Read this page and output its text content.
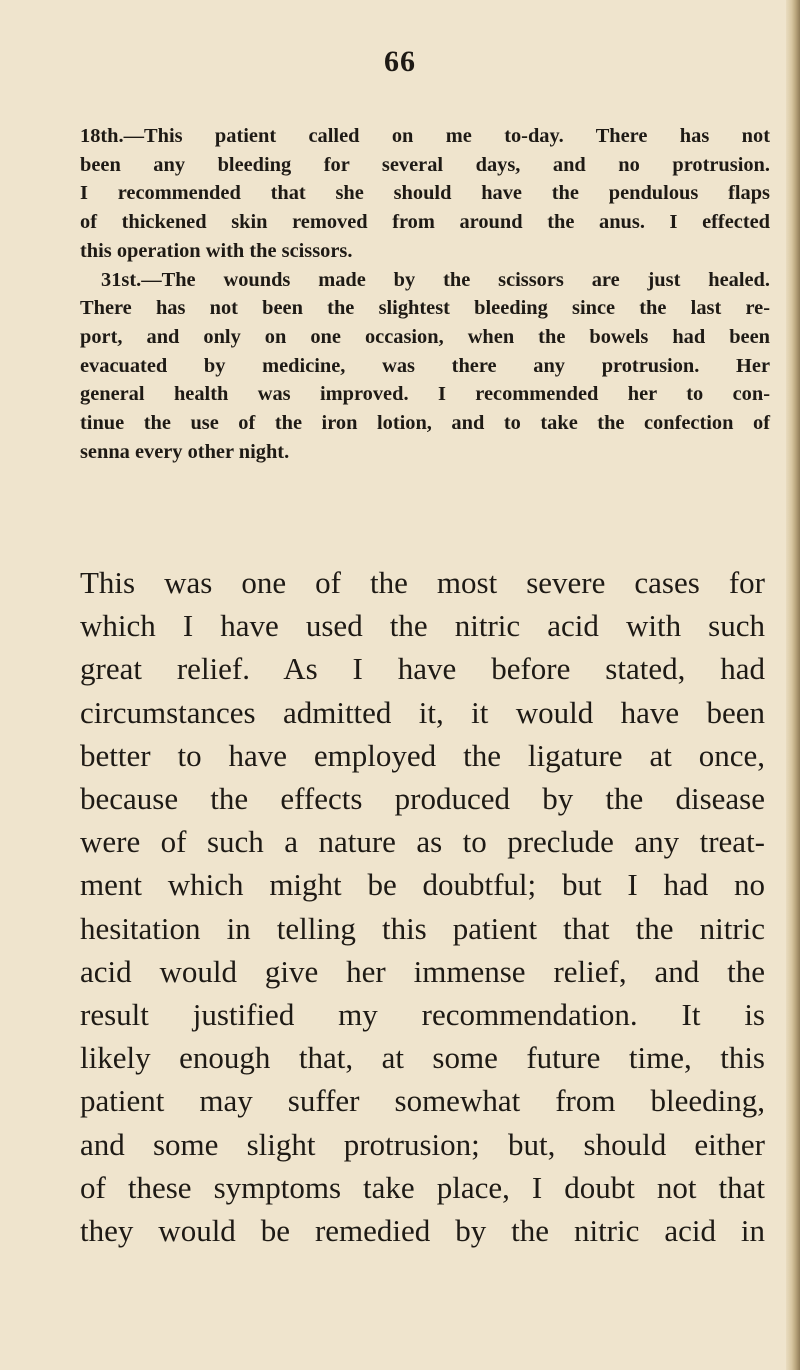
66
18th.—This patient called on me to-day. There has not
been any bleeding for several days, and no protrusion.
I recommended that she should have the pendulous flaps
of thickened skin removed from around the anus. I effected
this operation with the scissors.
31st.—The wounds made by the scissors are just healed.
There has not been the slightest bleeding since the last re-
port, and only on one occasion, when the bowels had been
evacuated by medicine, was there any protrusion. Her
general health was improved. I recommended her to con-
tinue the use of the iron lotion, and to take the confection of
senna every other night.
This was one of the most severe cases for
which I have used the nitric acid with such
great relief. As I have before stated, had
circumstances admitted it, it would have been
better to have employed the ligature at once,
because the effects produced by the disease
were of such a nature as to preclude any treat-
ment which might be doubtful; but I had no
hesitation in telling this patient that the nitric
acid would give her immense relief, and the
result justified my recommendation. It is
likely enough that, at some future time, this
patient may suffer somewhat from bleeding,
and some slight protrusion; but, should either
of these symptoms take place, I doubt not that
they would be remedied by the nitric acid in
